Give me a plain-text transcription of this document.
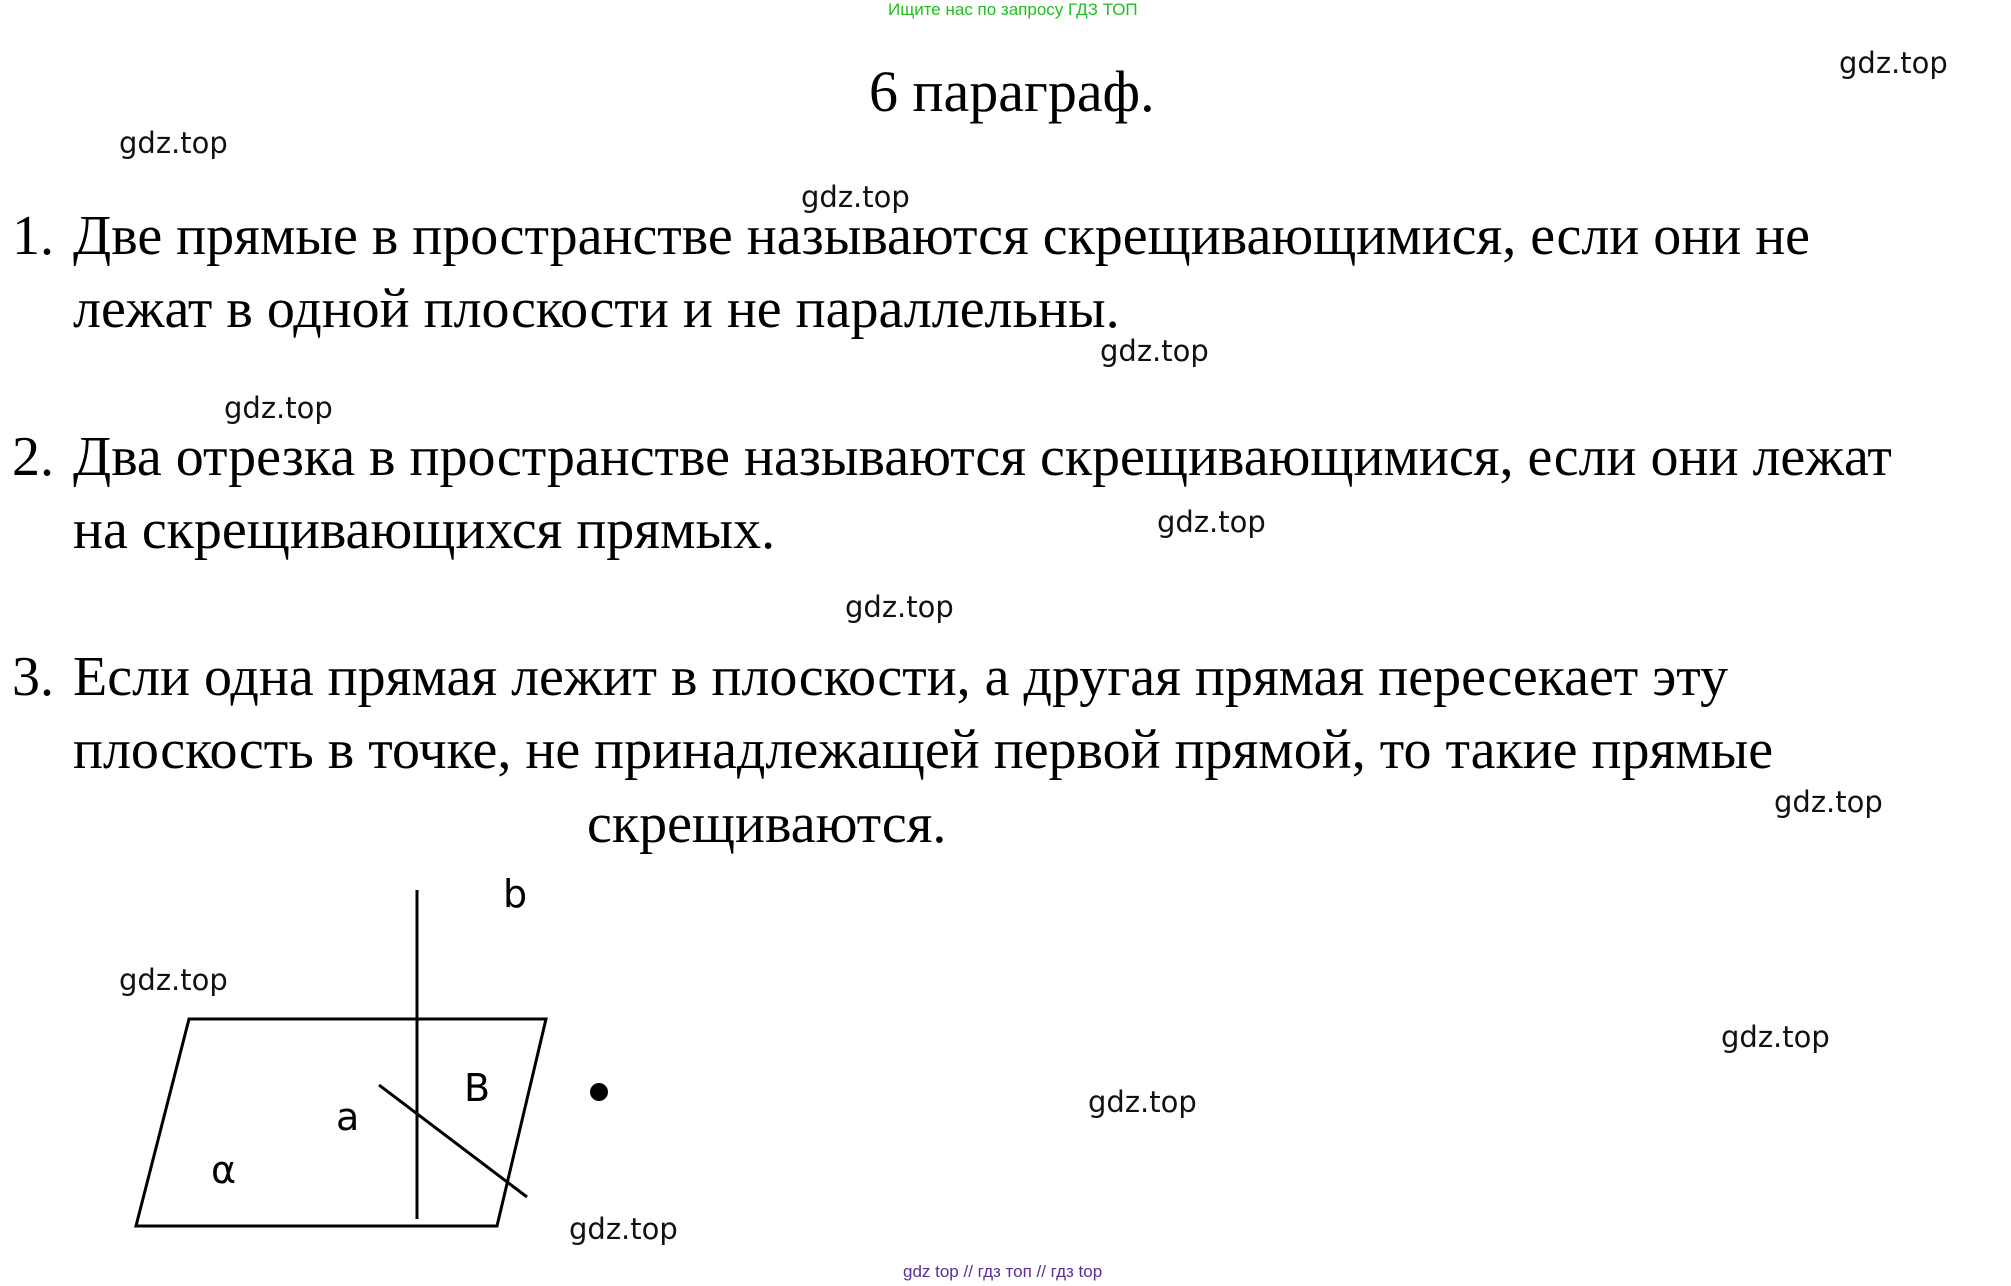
Ищите нас по запросу ГДЗ ТОП
6 параграф.
1. Две прямые в пространстве называются скрещивающимися, если они не
лежат в одной плоскости и не параллельны.
2. Два отрезка в пространстве называются скрещивающимися, если они лежат
на скрещивающихся прямых.
3. Если одна прямая лежит в плоскости, а другая прямая пересекает эту
плоскость в точке, не принадлежащей первой прямой, то такие прямые
скрещиваются.
b
B
a
α
gdz.top
gdz.top
gdz.top
gdz.top
gdz.top
gdz.top
gdz.top
gdz.top
gdz.top
gdz.top
gdz.top
gdz.top
gdz top // гдз топ // гдз top
